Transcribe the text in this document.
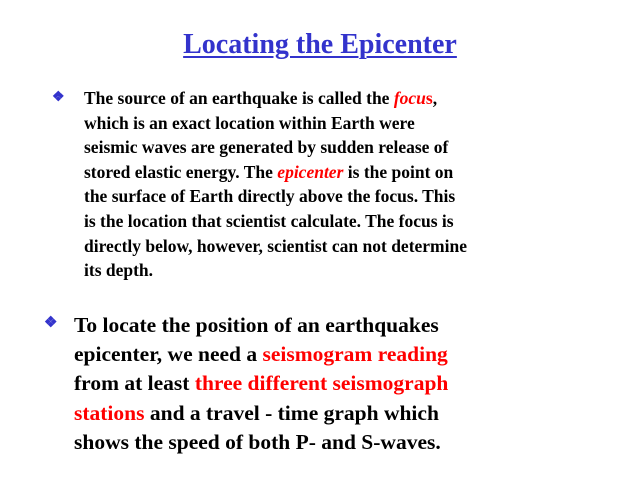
Locating the Epicenter
❖ The source of an earthquake is called the focus,
which is an exact location within Earth were
seismic waves are generated by sudden release of
stored elastic energy. The epicenter is the point on
the surface of Earth directly above the focus. This
is the location that scientist calculate. The focus is
directly below, however, scientist can not determine
its depth.
❖ To locate the position of an earthquakes
epicenter, we need a seismogram reading
from at least three different seismograph
stations and a travel - time graph which
shows the speed of both P- and S-waves.
